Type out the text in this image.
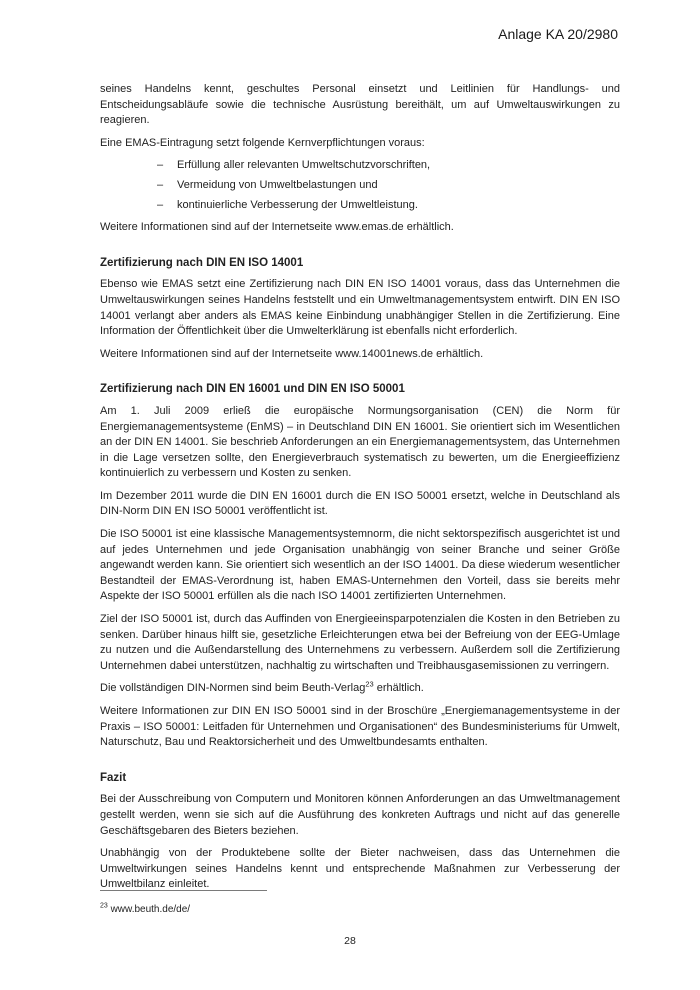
Anlage KA 20/2980

seines Handelns kennt, geschultes Personal einsetzt und Leitlinien für Handlungs- und Entscheidungsabläufe sowie die technische Ausrüstung bereithält, um auf Umweltauswirkungen zu reagieren.

Eine EMAS-Eintragung setzt folgende Kernverpflichtungen voraus:

–	Erfüllung aller relevanten Umweltschutzvorschriften,
–	Vermeidung von Umweltbelastungen und
–	kontinuierliche Verbesserung der Umweltleistung.

Weitere Informationen sind auf der Internetseite www.emas.de erhältlich.

Zertifizierung nach DIN EN ISO 14001

Ebenso wie EMAS setzt eine Zertifizierung nach DIN EN ISO 14001 voraus, dass das Unternehmen die Umweltauswirkungen seines Handelns feststellt und ein Umweltmanagementsystem entwirft. DIN EN ISO 14001 verlangt aber anders als EMAS keine Einbindung unabhängiger Stellen in die Zertifizierung. Eine Information der Öffentlichkeit über die Umwelterklärung ist ebenfalls nicht erforderlich.

Weitere Informationen sind auf der Internetseite www.14001news.de erhältlich.

Zertifizierung nach DIN EN 16001 und DIN EN ISO 50001

Am 1. Juli 2009 erließ die europäische Normungsorganisation (CEN) die Norm für Energiemanagementsysteme (EnMS) – in Deutschland DIN EN 16001. Sie orientiert sich im Wesentlichen an der DIN EN 14001. Sie beschrieb Anforderungen an ein Energiemanagementsystem, das Unternehmen in die Lage versetzen sollte, den Energieverbrauch systematisch zu bewerten, um die Energieeffizienz kontinuierlich zu verbessern und Kosten zu senken.

Im Dezember 2011 wurde die DIN EN 16001 durch die EN ISO 50001 ersetzt, welche in Deutschland als DIN-Norm DIN EN ISO 50001 veröffentlicht ist.

Die ISO 50001 ist eine klassische Managementsystemnorm, die nicht sektorspezifisch ausgerichtet ist und auf jedes Unternehmen und jede Organisation unabhängig von seiner Branche und seiner Größe angewandt werden kann. Sie orientiert sich wesentlich an der ISO 14001. Da diese wiederum wesentlicher Bestandteil der EMAS-Verordnung ist, haben EMAS-Unternehmen den Vorteil, dass sie bereits mehr Aspekte der ISO 50001 erfüllen als die nach ISO 14001 zertifizierten Unternehmen.

Ziel der ISO 50001 ist, durch das Auffinden von Energieeinsparpotenzialen die Kosten in den Betrieben zu senken. Darüber hinaus hilft sie, gesetzliche Erleichterungen etwa bei der Befreiung von der EEG-Umlage zu nutzen und die Außendarstellung des Unternehmens zu verbessern. Außerdem soll die Zertifizierung Unternehmen dabei unterstützen, nachhaltig zu wirtschaften und Treibhausgasemissionen zu verringern.

Die vollständigen DIN-Normen sind beim Beuth-Verlag$^{23}$ erhältlich.

Weitere Informationen zur DIN EN ISO 50001 sind in der Broschüre „Energiemanagementsysteme in der Praxis – ISO 50001: Leitfaden für Unternehmen und Organisationen“ des Bundesministeriums für Umwelt, Naturschutz, Bau und Reaktorsicherheit und des Umweltbundesamts enthalten.

Fazit

Bei der Ausschreibung von Computern und Monitoren können Anforderungen an das Umweltmanagement gestellt werden, wenn sie sich auf die Ausführung des konkreten Auftrags und nicht auf das generelle Geschäftsgebaren des Bieters beziehen.

Unabhängig von der Produktebene sollte der Bieter nachweisen, dass das Unternehmen die Umweltwirkungen seines Handelns kennt und entsprechende Maßnahmen zur Verbesserung der Umweltbilanz einleitet.

$^{23}$ www.beuth.de/de/
28
